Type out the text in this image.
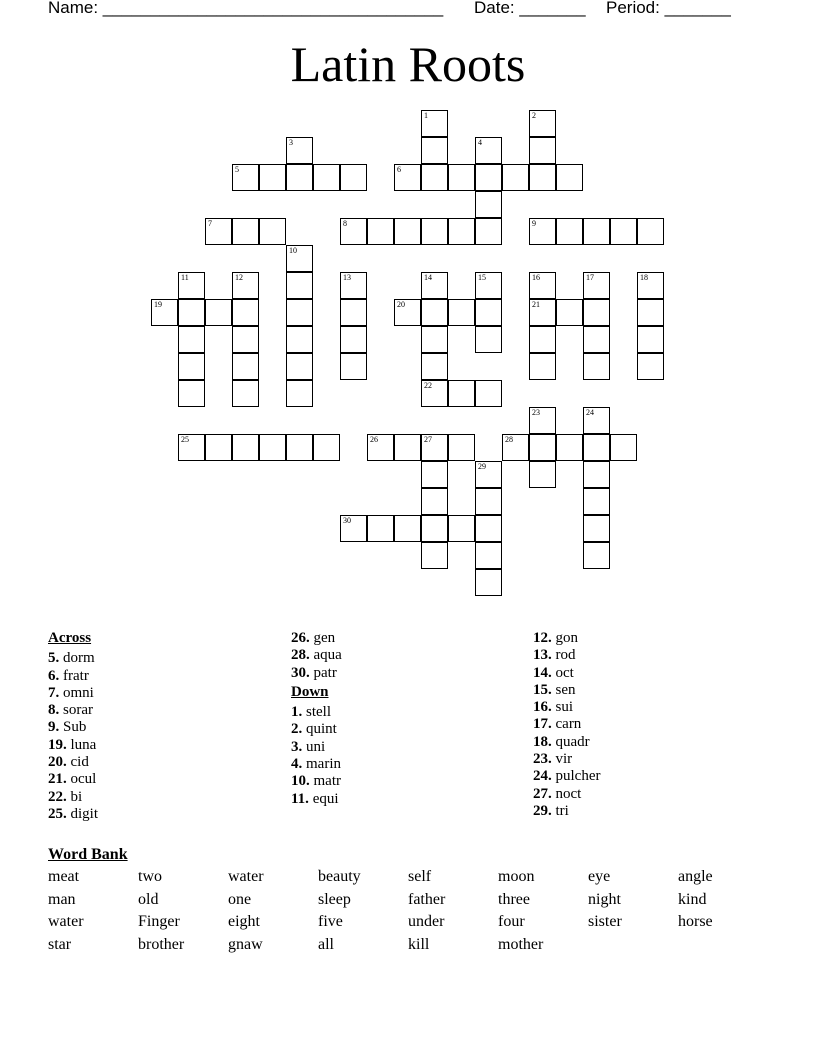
Name: ____________________________________ Date: _______ Period: _______
Latin Roots
1	2
3	4
5	6
7	8	9
10
11	12	13	14	15	16	17	18
19	20	21
22
23	24
25	26	27	28
29
30
Across
5. dorm
6. fratr
7. omni
8. sorar
9. Sub
19. luna
20. cid
21. ocul
22. bi
25. digit
26. gen
28. aqua
30. patr
Down
1. stell
2. quint
3. uni
4. marin
10. matr
11. equi
12. gon
13. rod
14. oct
15. sen
16. sui
17. carn
18. quadr
23. vir
24. pulcher
27. noct
29. tri
Word Bank
meat	two	water	beauty	self	moon	eye	angle
man	old	one	sleep	father	three	night	kind
water	Finger	eight	five	under	four	sister	horse
star	brother	gnaw	all	kill	mother
